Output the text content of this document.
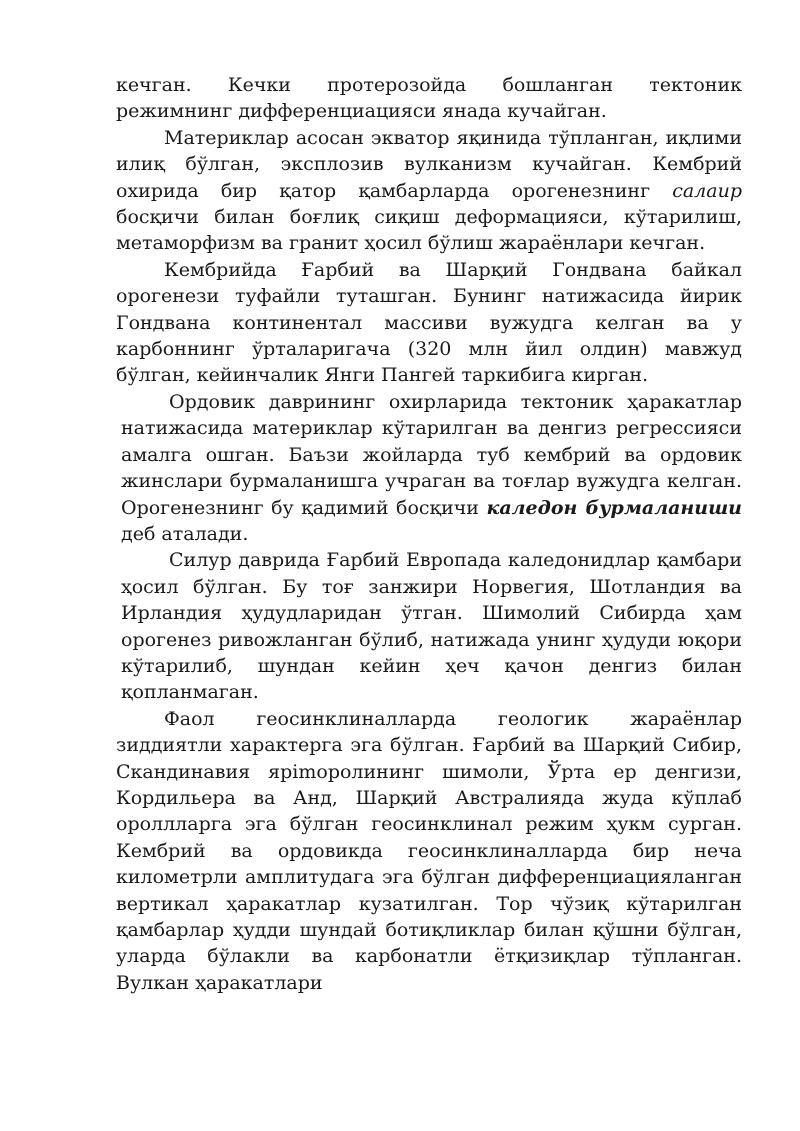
кечган. Кечки протерозойда бошланган тектоник режимнинг дифференциацияси янада кучайган.

Материклар асосан экватор яқинида тўпланган, иқлими илиқ бўлган, эксплозив вулканизм кучайган. Кембрий охирида бир қатор қамбарларда орогенезнинг салаир босқичи билан боғлиқ сиқиш деформацияси, кўтарилиш, метаморфизм ва гранит ҳосил бўлиш жараёнлари кечган.

Кембрийда Ғарбий ва Шарқий Гондвана байкал орогенези туфайли туташган. Бунинг натижасида йирик Гондвана континентал массиви вужудга келган ва у карбоннинг ўрталаригача (320 млн йил олдин) мавжуд бўлган, кейинчалик Янги Пангей таркибига кирган.

Ордовик даврининг охирларида тектоник ҳаракатлар натижасида материклар кўтарилган ва денгиз регрессияси амалга ошган. Баъзи жойларда туб кембрий ва ордовик жинслари бурмаланишга учраган ва тоғлар вужудга келган. Орогенезнинг бу қадимий босқичи каледон бурмаланиши деб аталади.

Силур даврида Ғарбий Европада каледонидлар қамбари ҳосил бўлган. Бу тоғ занжири Норвегия, Шотландия ва Ирландия ҳудудларидан ўтган. Шимолий Сибирда ҳам орогенез ривожланган бўлиб, натижада унинг ҳудуди юқори кўтарилиб, шундан кейин ҳеч қачон денгиз билан қопланмаган.

Фаол геосинклиналларда геологик жараёнлар зиддиятли характерга эга бўлган. Ғарбий ва Шарқий Сибир, Скандинавия ярimoролининг шимоли, Ўрта ер денгизи, Кордильера ва Анд, Шарқий Австралияда жуда кўплаб ороллларга эга бўлган геосинклинал режим ҳукм сурган. Кембрий ва ордовикда геосинклиналларда бир неча километрли амплитудага эга бўлган дифференциацияланган вертикал ҳаракатлар кузатилган. Тор чўзиқ кўтарилган қамбарлар ҳудди шундай ботиқликлар билан қўшни бўлган, уларда бўлакли ва карбонатли ётқизиқлар тўпланган. Вулкан ҳаракатлари
